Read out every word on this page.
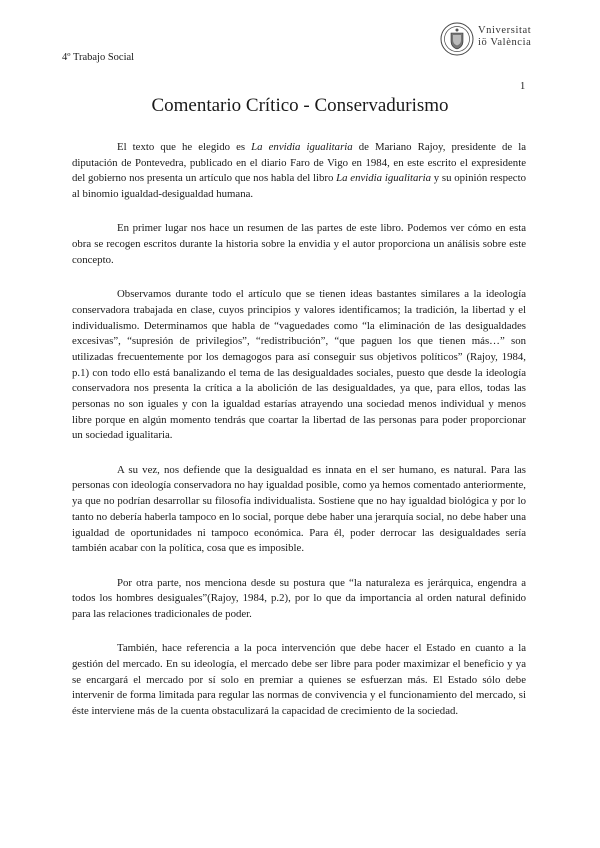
4º Trabajo Social
Vniversitat
iö València
1
Comentario Crítico - Conservadurismo

El texto que he elegido es La envidia igualitaria de Mariano Rajoy, presidente de la diputación de Pontevedra, publicado en el diario Faro de Vigo en 1984, en este escrito el expresidente del gobierno nos presenta un artículo que nos habla del libro La envidia igualitaria y su opinión respecto al binomio igualdad-desigualdad humana.

En primer lugar nos hace un resumen de las partes de este libro. Podemos ver cómo en esta obra se recogen escritos durante la historia sobre la envidia y el autor proporciona un análisis sobre este concepto.

Observamos durante todo el artículo que se tienen ideas bastantes similares a la ideología conservadora trabajada en clase, cuyos principios y valores identificamos; la tradición, la libertad y el individualismo. Determinamos que habla de “vaguedades como “la eliminación de las desigualdades excesivas”, “supresión de privilegios”, “redistribución”, “que paguen los que tienen más…” son utilizadas frecuentemente por los demagogos para así conseguir sus objetivos políticos” (Rajoy, 1984, p.1) con todo ello está banalizando el tema de las desigualdades sociales, puesto que desde la ideología conservadora nos presenta la crítica a la abolición de las desigualdades, ya que, para ellos, todas las personas no son iguales y con la igualdad estarías atrayendo una sociedad menos individual y menos libre porque en algún momento tendrás que coartar la libertad de las personas para poder proporcionar un sociedad igualitaria.

A su vez, nos defiende que la desigualdad es innata en el ser humano, es natural. Para las personas con ideología conservadora no hay igualdad posible, como ya hemos comentado anteriormente, ya que no podrían desarrollar su filosofía individualista. Sostiene que no hay igualdad biológica y por lo tanto no debería haberla tampoco en lo social, porque debe haber una jerarquía social, no debe haber una igualdad de oportunidades ni tampoco económica. Para él, poder derrocar las desigualdades sería también acabar con la política, cosa que es imposible.

Por otra parte, nos menciona desde su postura que “la naturaleza es jerárquica, engendra a todos los hombres desiguales”(Rajoy, 1984, p.2), por lo que da importancia al orden natural definido para las relaciones tradicionales de poder.

También, hace referencia a la poca intervención que debe hacer el Estado en cuanto a la gestión del mercado. En su ideología, el mercado debe ser libre para poder maximizar el beneficio y ya se encargará el mercado por sí solo en premiar a quienes se esfuerzan más. El Estado sólo debe intervenir de forma limitada para regular las normas de convivencia y el funcionamiento del mercado, si éste interviene más de la cuenta obstaculizará la capacidad de crecimiento de la sociedad.
